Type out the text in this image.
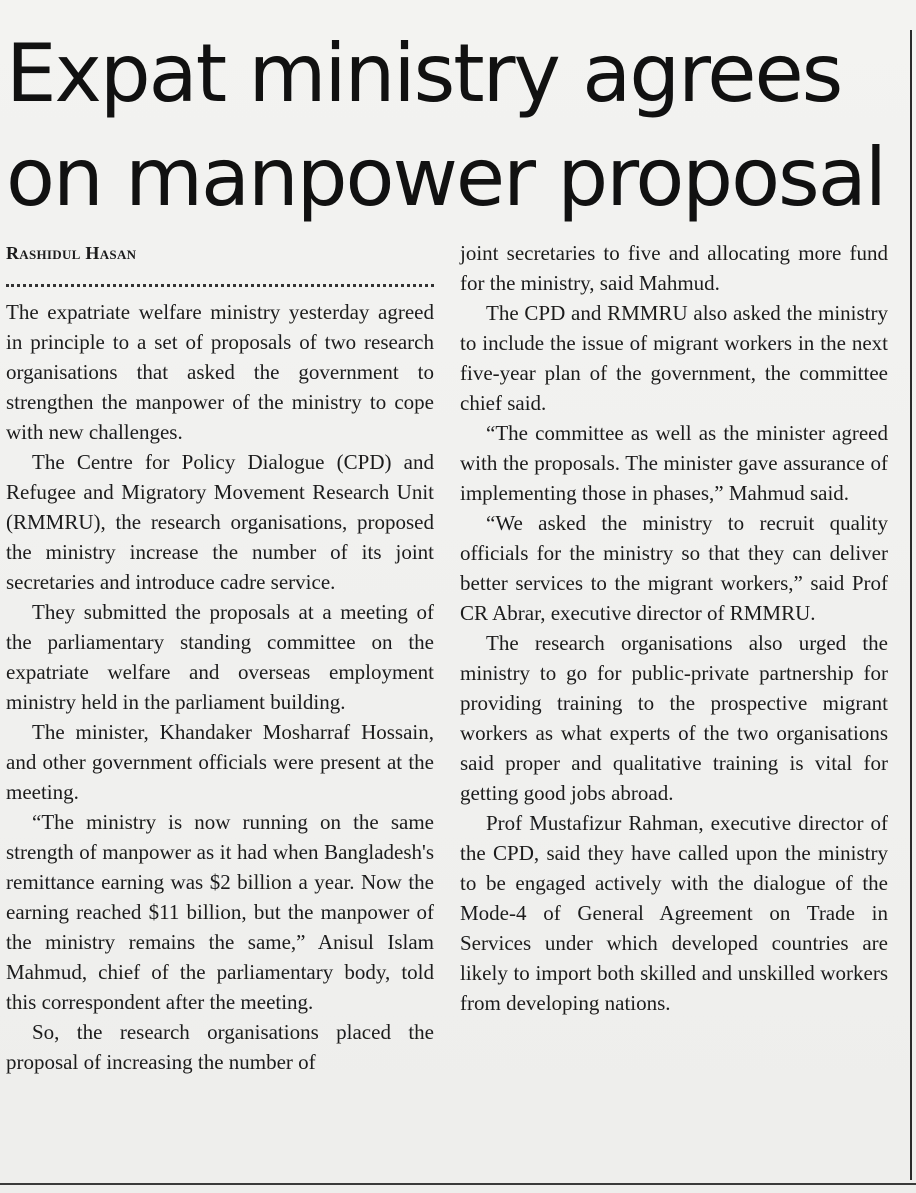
Expat ministry agrees
on manpower proposal
Rashidul Hasan

The expatriate welfare ministry yesterday agreed in principle to a set of proposals of two research organisations that asked the government to strengthen the manpower of the ministry to cope with new challenges.

The Centre for Policy Dialogue (CPD) and Refugee and Migratory Movement Research Unit (RMMRU), the research organisations, proposed the ministry increase the number of its joint secretaries and introduce cadre service.

They submitted the proposals at a meeting of the parliamentary standing committee on the expatriate welfare and overseas employment ministry held in the parliament building.

The minister, Khandaker Mosharraf Hossain, and other government officials were present at the meeting.

“The ministry is now running on the same strength of manpower as it had when Bangladesh's remittance earning was $2 billion a year. Now the earning reached $11 billion, but the manpower of the ministry remains the same,” Anisul Islam Mahmud, chief of the parliamentary body, told this correspondent after the meeting.

So, the research organisations placed the proposal of increasing the number of

joint secretaries to five and allocating more fund for the ministry, said Mahmud.

The CPD and RMMRU also asked the ministry to include the issue of migrant workers in the next five-year plan of the government, the committee chief said.

“The committee as well as the minister agreed with the proposals. The minister gave assurance of implementing those in phases,” Mahmud said.

“We asked the ministry to recruit quality officials for the ministry so that they can deliver better services to the migrant workers,” said Prof CR Abrar, executive director of RMMRU.

The research organisations also urged the ministry to go for public-private partnership for providing training to the prospective migrant workers as what experts of the two organisations said proper and qualitative training is vital for getting good jobs abroad.

Prof Mustafizur Rahman, executive director of the CPD, said they have called upon the ministry to be engaged actively with the dialogue of the Mode-4 of General Agreement on Trade in Services under which developed countries are likely to import both skilled and unskilled workers from developing nations.
